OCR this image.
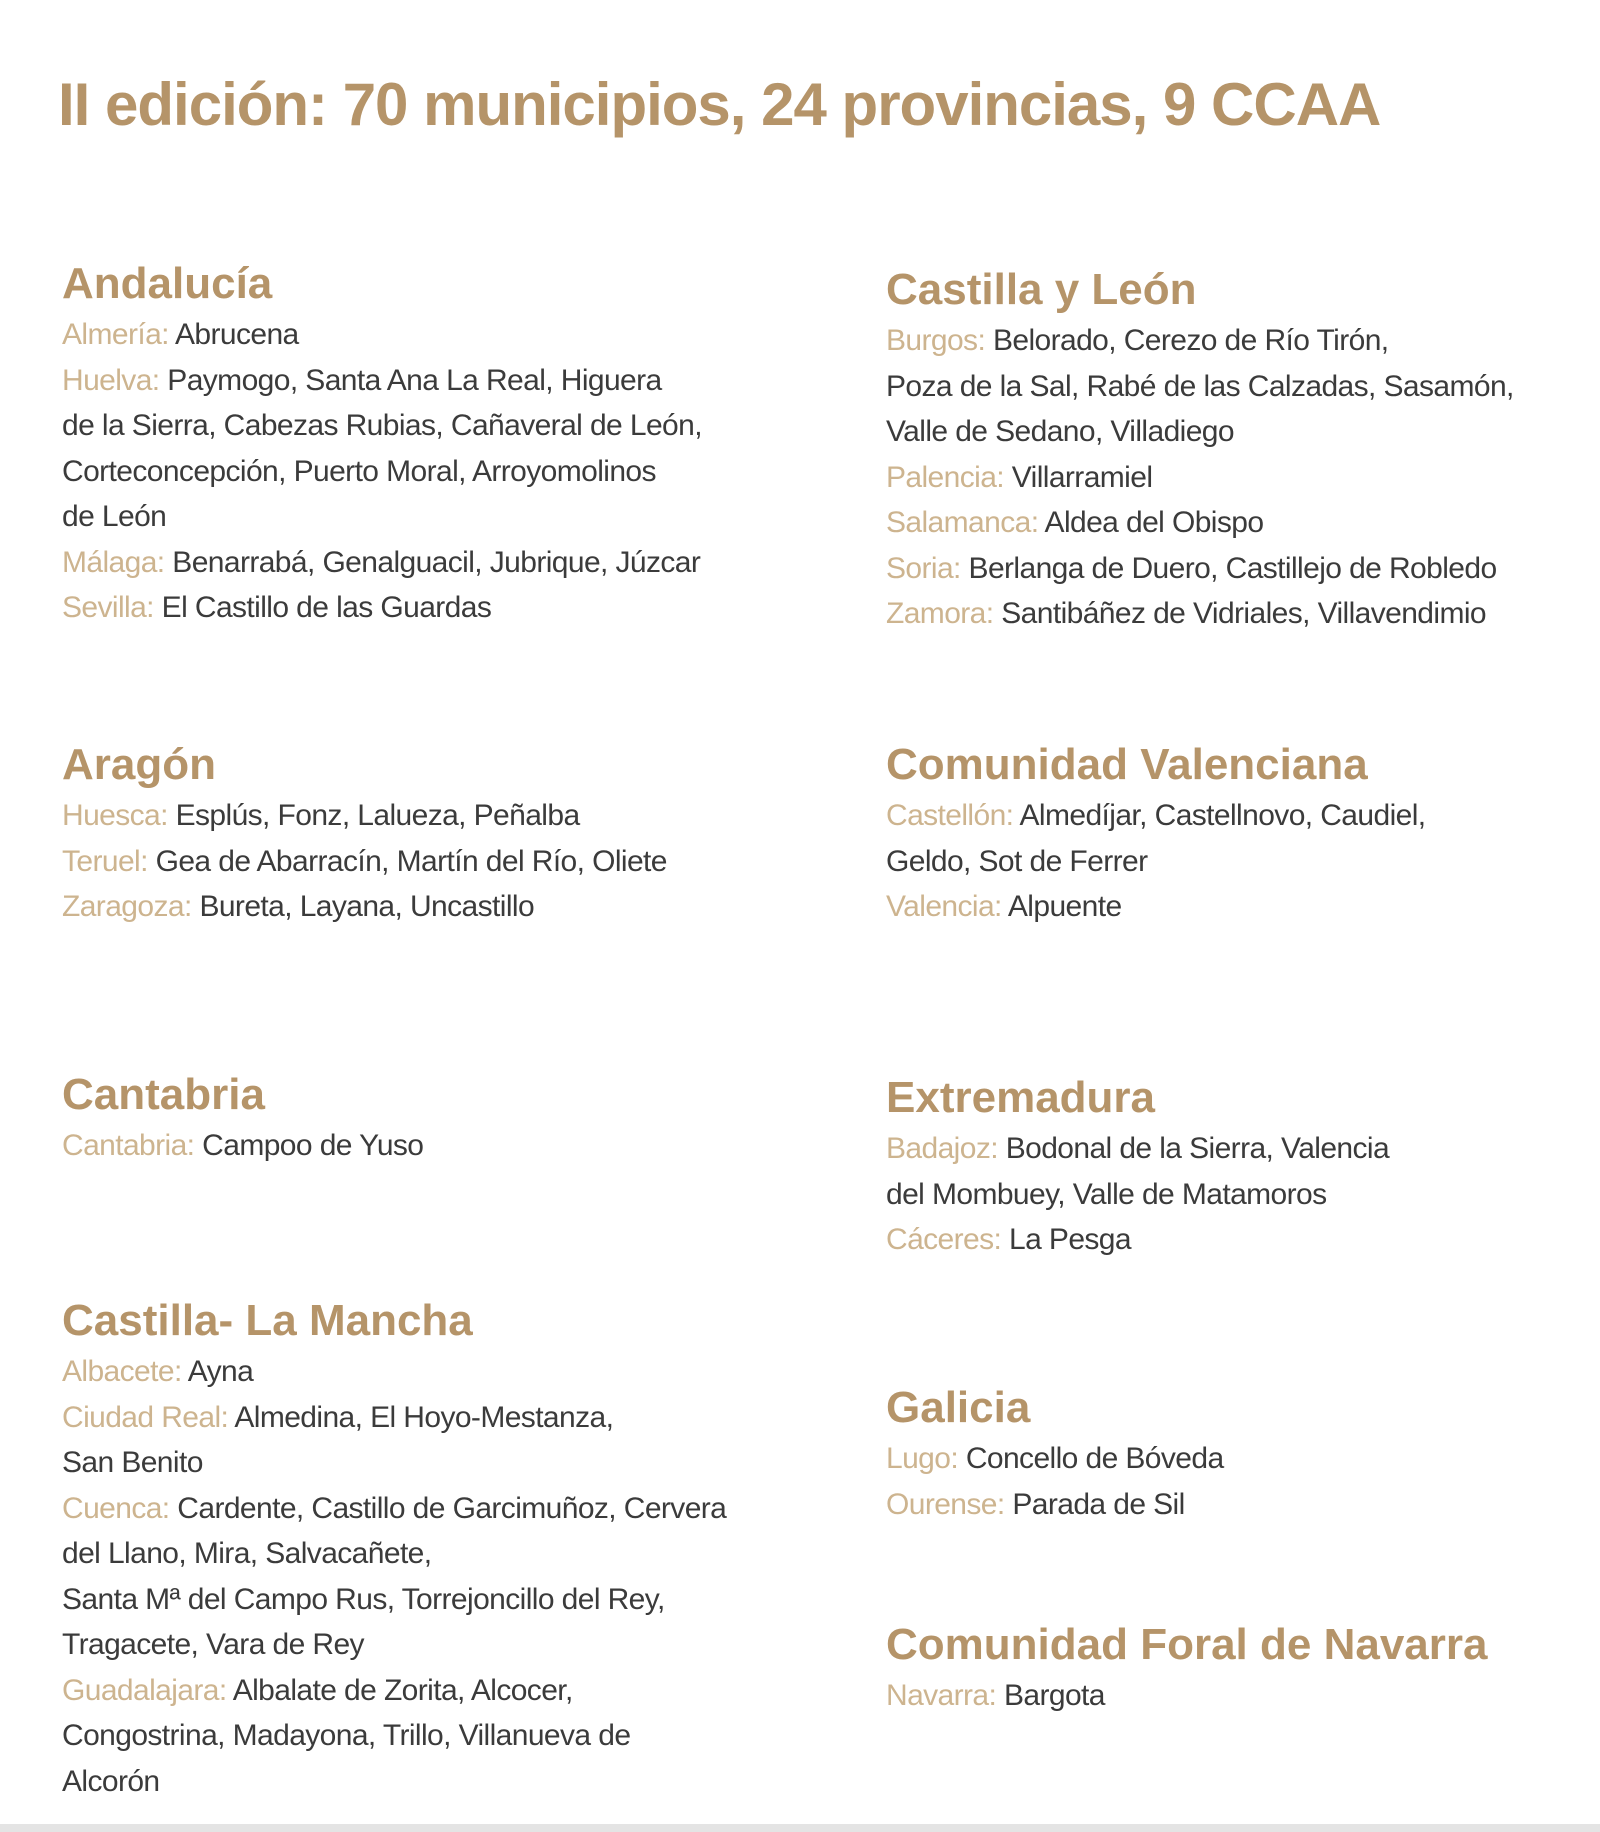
II edición: 70 municipios, 24 provincias, 9 CCAA
Andalucía
Almería: Abrucena
Huelva: Paymogo, Santa Ana La Real, Higuera
de la Sierra, Cabezas Rubias, Cañaveral de León,
Corteconcepción, Puerto Moral, Arroyomolinos
de León
Málaga: Benarrabá, Genalguacil, Jubrique, Júzcar
Sevilla: El Castillo de las Guardas
Aragón
Huesca: Esplús, Fonz, Lalueza, Peñalba
Teruel: Gea de Abarracín, Martín del Río, Oliete
Zaragoza: Bureta, Layana, Uncastillo
Cantabria
Cantabria: Campoo de Yuso
Castilla- La Mancha
Albacete: Ayna
Ciudad Real: Almedina, El Hoyo-Mestanza,
San Benito
Cuenca: Cardente, Castillo de Garcimuñoz, Cervera
del Llano, Mira, Salvacañete,
Santa Mª del Campo Rus, Torrejoncillo del Rey,
Tragacete, Vara de Rey
Guadalajara: Albalate de Zorita, Alcocer,
Congostrina, Madayona, Trillo, Villanueva de
Alcorón
Castilla y León
Burgos: Belorado, Cerezo de Río Tirón,
Poza de la Sal, Rabé de las Calzadas, Sasamón,
Valle de Sedano, Villadiego
Palencia: Villarramiel
Salamanca: Aldea del Obispo
Soria: Berlanga de Duero, Castillejo de Robledo
Zamora: Santibáñez de Vidriales, Villavendimio
Comunidad Valenciana
Castellón: Almedíjar, Castellnovo, Caudiel,
Geldo, Sot de Ferrer
Valencia: Alpuente
Extremadura
Badajoz: Bodonal de la Sierra, Valencia
del Mombuey, Valle de Matamoros
Cáceres: La Pesga
Galicia
Lugo: Concello de Bóveda
Ourense: Parada de Sil
Comunidad Foral de Navarra
Navarra: Bargota
